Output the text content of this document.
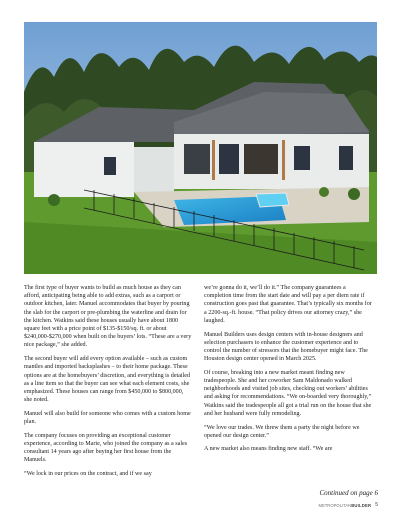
The first type of buyer wants to build as much house as they can afford, anticipating being able to add extras, such as a carport or outdoor kitchen, later. Manuel accommodates that buyer by pouring the slab for the carport or pre-plumbing the waterline and drain for the kitchen. Watkins said these houses usually have about 1800 square feet with a price point of $135-$150/sq. ft. or about $240,000-$270,000 when built on the buyers’ lots. “These are a very nice package,” she added.

The second buyer will add every option available – such as custom mantles and imported backsplashes – to their home package. These options are at the homebuyers’ discretion, and everything is detailed as a line item so that the buyer can see what each element costs, she emphasized. These houses can range from $450,000 to $800,000, she noted.

Manuel will also build for someone who comes with a custom home plan.

The company focuses on providing an exceptional customer experience, according to Marie, who joined the company as a sales consultant 14 years ago after buying her first house from the Manuels.

“We lock in our prices on the contract, and if we say

we’re gonna do it, we’ll do it.” The company guarantees a completion time from the start date and will pay a per diem rate if construction goes past that guarantee. That’s typically six months for a 2200-sq.-ft. house. “That policy drives our attorney crazy,” she laughed.

Manuel Builders uses design centers with in-house designers and selection purchasers to enhance the customer experience and to control the number of stressors that the homebuyer might face. The Houston design center opened in March 2025.

Of course, breaking into a new market meant finding new tradespeople. She and her coworker Sam Maldonado walked neighborhoods and visited job sites, checking out workers’ abilities and asking for recommendations. “We on-boarded very thoroughly,” Watkins said the tradespeople all got a trial run on the house that she and her husband were fully remodeling.

“We love our trades. We threw them a party the night before we opened our design center.”

A new market also means finding new staff. “We are

Continued on page 6
METROPOLITANBUILDER 5
